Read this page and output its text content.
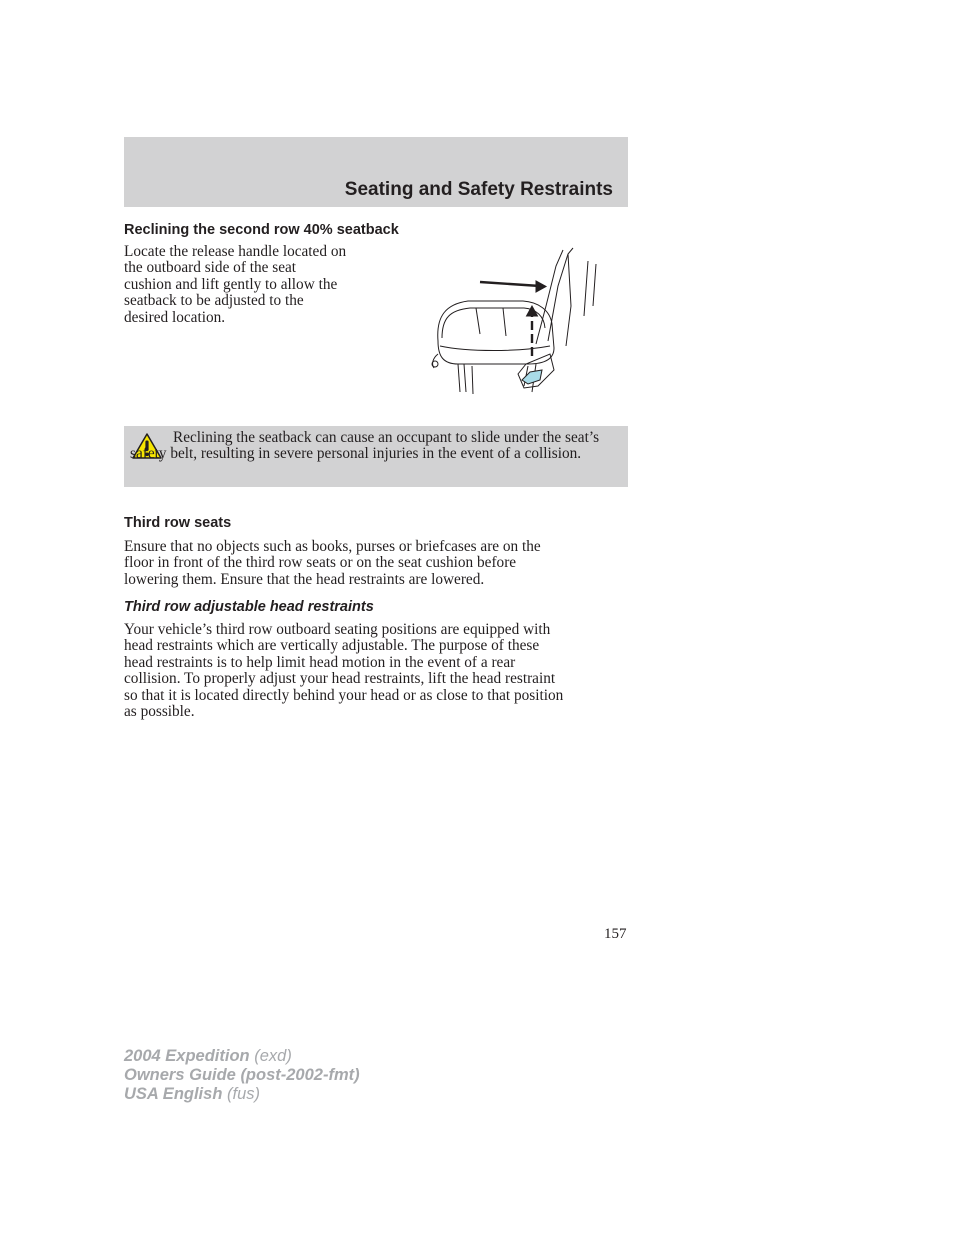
Seating and Safety Restraints
Reclining the second row 40% seatback

Locate the release handle located on
the outboard side of the seat
cushion and lift gently to allow the
seatback to be adjusted to the
desired location.

Reclining the seatback can cause an occupant to slide under the seat’s safety belt, resulting in severe personal injuries in the event of a collision.

Third row seats

Ensure that no objects such as books, purses or briefcases are on the
floor in front of the third row seats or on the seat cushion before
lowering them. Ensure that the head restraints are lowered.

Third row adjustable head restraints

Your vehicle’s third row outboard seating positions are equipped with
head restraints which are vertically adjustable. The purpose of these
head restraints is to help limit head motion in the event of a rear
collision. To properly adjust your head restraints, lift the head restraint
so that it is located directly behind your head or as close to that position
as possible.

157
2004 Expedition (exd)
Owners Guide (post-2002-fmt)
USA English (fus)
